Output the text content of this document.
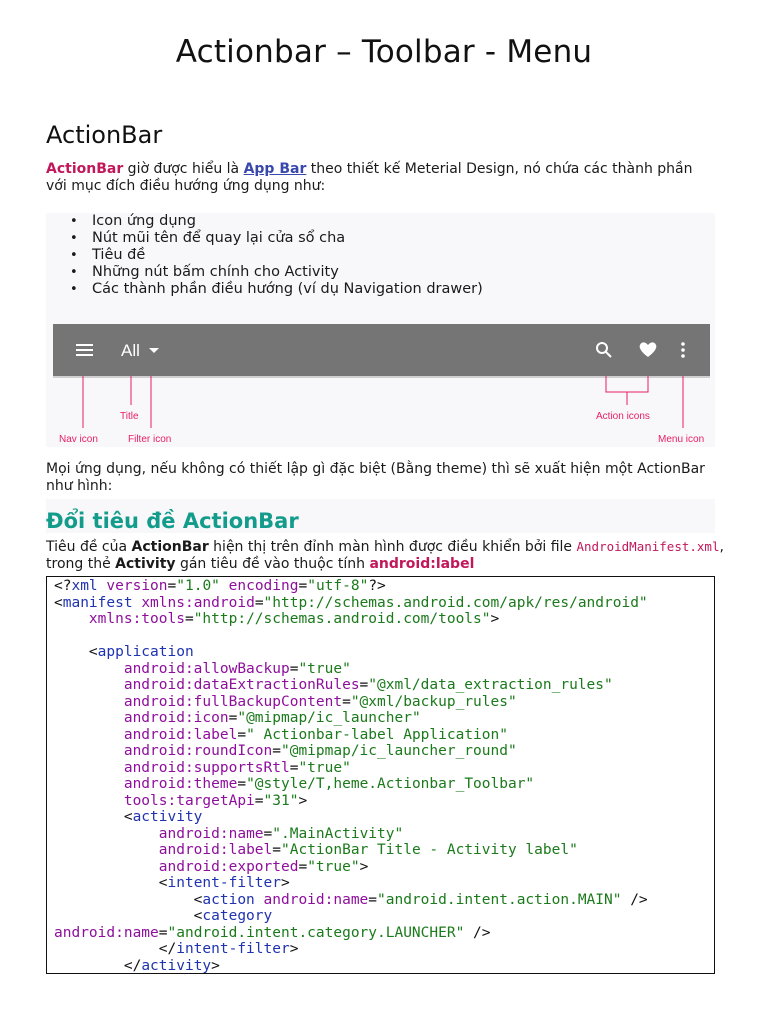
Actionbar – Toolbar - Menu
ActionBar
ActionBar giờ được hiểu là App Bar theo thiết kế Meterial Design, nó chứa các thành phần với mục đích điều hướng ứng dụng như:
• Icon ứng dụng
• Nút mũi tên để quay lại cửa sổ cha
• Tiêu đề
• Những nút bấm chính cho Activity
• Các thành phần điều hướng (ví dụ Navigation drawer)
All
Nav icon
Title
Filter icon
Action icons
Menu icon
Mọi ứng dụng, nếu không có thiết lập gì đặc biệt (Bằng theme) thì sẽ xuất hiện một ActionBar như hình:
Đổi tiêu đề ActionBar
Tiêu đề của ActionBar hiện thị trên đỉnh màn hình được điều khiển bởi file AndroidManifest.xml, trong thẻ Activity gán tiêu đề vào thuộc tính android:label
<?xml version="1.0" encoding="utf-8"?>
<manifest xmlns:android="http://schemas.android.com/apk/res/android"
xmlns:tools="http://schemas.android.com/tools">

<application
android:allowBackup="true"
android:dataExtractionRules="@xml/data_extraction_rules"
android:fullBackupContent="@xml/backup_rules"
android:icon="@mipmap/ic_launcher"
android:label=" Actionbar-label Application"
android:roundIcon="@mipmap/ic_launcher_round"
android:supportsRtl="true"
android:theme="@style/T,heme.Actionbar_Toolbar"
tools:targetApi="31">
<activity
android:name=".MainActivity"
android:label="ActionBar Title - Activity label"
android:exported="true">
<intent-filter>
<action android:name="android.intent.action.MAIN" />
<category
android:name="android.intent.category.LAUNCHER" />
</intent-filter>
</activity>
